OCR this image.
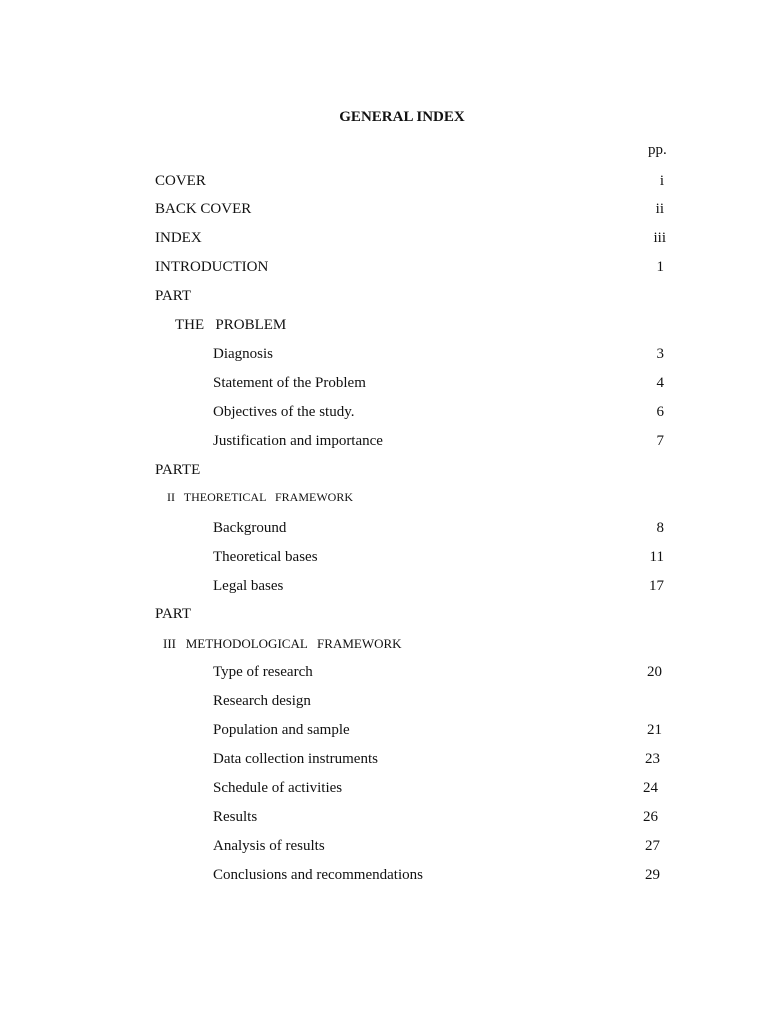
GENERAL INDEX
pp.
COVER	i
BACK COVER	ii
INDEX	iii
INTRODUCTION	1
PART
THE   PROBLEM
Diagnosis	3
Statement of the Problem	4
Objectives of the study.	6
Justification and importance	7
PARTE
II   THEORETICAL   FRAMEWORK
Background	8
Theoretical bases	11
Legal bases	17
PART
III   METHODOLOGICAL   FRAMEWORK
Type of research	20
Research design
Population and sample	21
Data collection instruments	23
Schedule of activities	24
Results	26
Analysis of results	27
Conclusions and recommendations	29
